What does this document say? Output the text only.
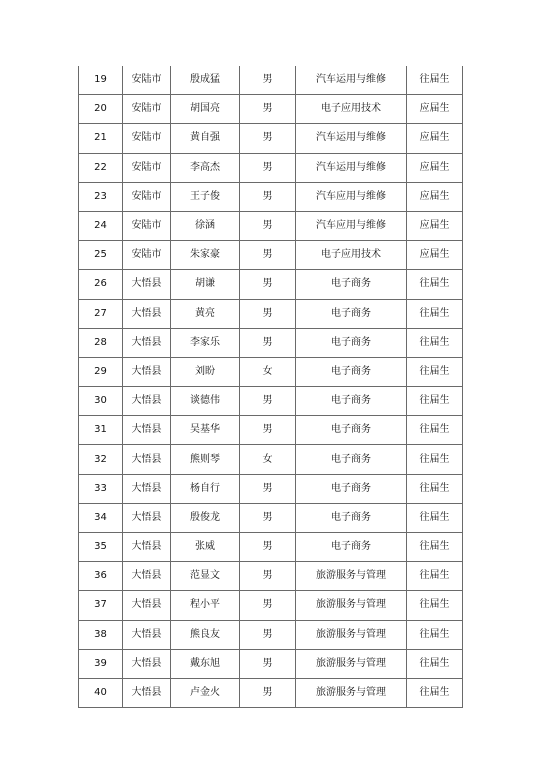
19	安陆市	殷成猛	男	汽车运用与维修	往届生
20	安陆市	胡国亮	男	电子应用技术	应届生
21	安陆市	黄自强	男	汽车运用与维修	应届生
22	安陆市	李高杰	男	汽车运用与维修	应届生
23	安陆市	王子俊	男	汽车应用与维修	应届生
24	安陆市	徐涵	男	汽车应用与维修	应届生
25	安陆市	朱家豪	男	电子应用技术	应届生
26	大悟县	胡谦	男	电子商务	往届生
27	大悟县	黄亮	男	电子商务	往届生
28	大悟县	李家乐	男	电子商务	往届生
29	大悟县	刘盼	女	电子商务	往届生
30	大悟县	谈德伟	男	电子商务	往届生
31	大悟县	吴基华	男	电子商务	往届生
32	大悟县	熊则琴	女	电子商务	往届生
33	大悟县	杨自行	男	电子商务	往届生
34	大悟县	殷俊龙	男	电子商务	往届生
35	大悟县	张威	男	电子商务	往届生
36	大悟县	范显文	男	旅游服务与管理	往届生
37	大悟县	程小平	男	旅游服务与管理	往届生
38	大悟县	熊良友	男	旅游服务与管理	往届生
39	大悟县	戴东旭	男	旅游服务与管理	往届生
40	大悟县	卢金火	男	旅游服务与管理	往届生
